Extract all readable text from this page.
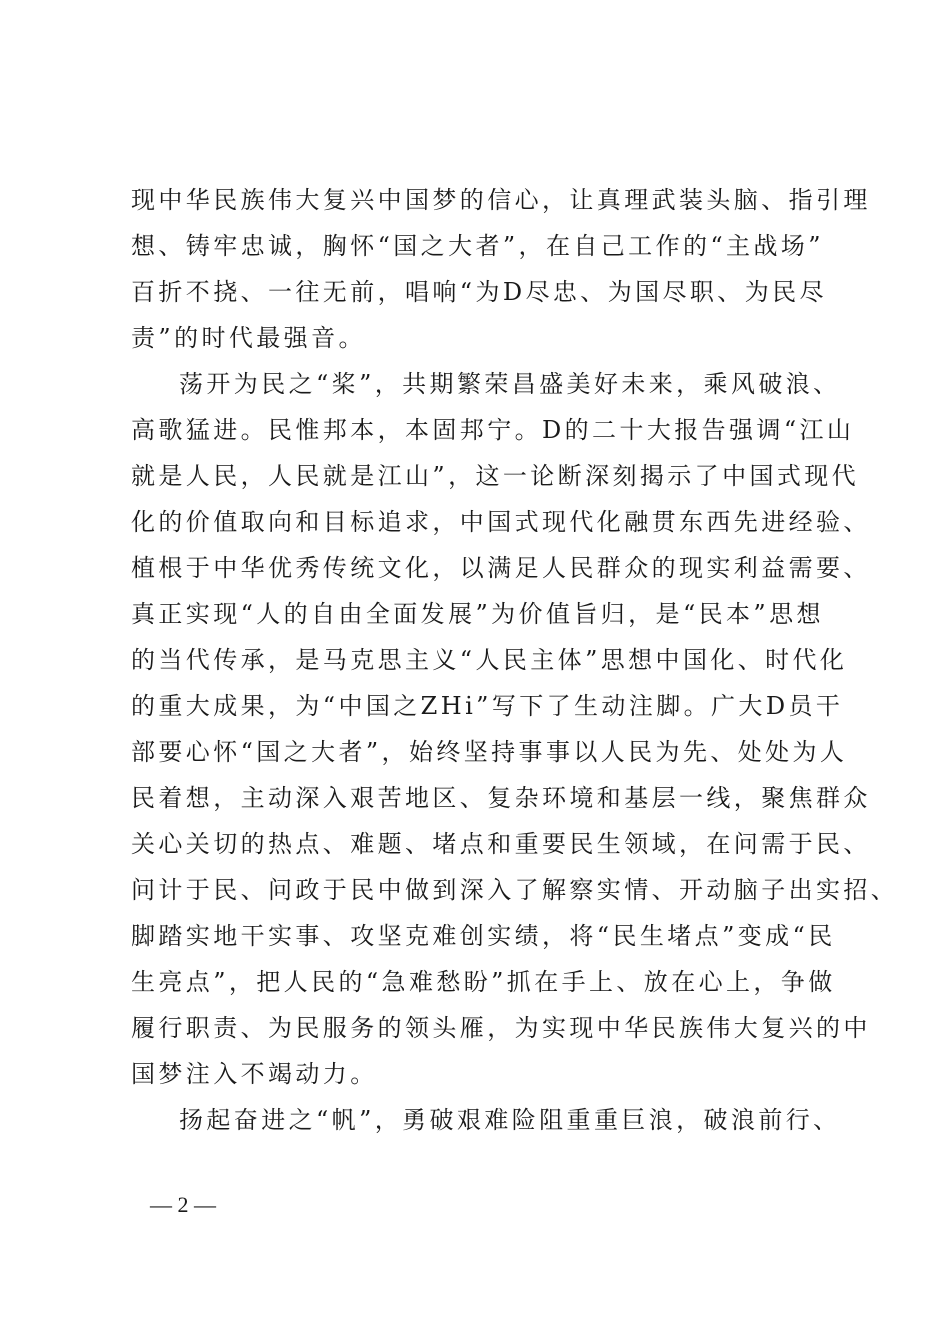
现中华民族伟大复兴中国梦的信心，让真理武装头脑、指引理
想、铸牢忠诚，胸怀“国之大者”，在自己工作的“主战场”
百折不挠、一往无前，唱响“为D尽忠、为国尽职、为民尽
责”的时代最强音。
荡开为民之“桨”，共期繁荣昌盛美好未来，乘风破浪、
高歌猛进。民惟邦本，本固邦宁。D的二十大报告强调“江山
就是人民，人民就是江山”，这一论断深刻揭示了中国式现代
化的价值取向和目标追求，中国式现代化融贯东西先进经验、
植根于中华优秀传统文化，以满足人民群众的现实利益需要、
真正实现“人的自由全面发展”为价值旨归，是“民本”思想
的当代传承，是马克思主义“人民主体”思想中国化、时代化
的重大成果，为“中国之ZHi”写下了生动注脚。广大D员干
部要心怀“国之大者”，始终坚持事事以人民为先、处处为人
民着想，主动深入艰苦地区、复杂环境和基层一线，聚焦群众
关心关切的热点、难题、堵点和重要民生领域，在问需于民、
问计于民、问政于民中做到深入了解察实情、开动脑子出实招、
脚踏实地干实事、攻坚克难创实绩，将“民生堵点”变成“民
生亮点”，把人民的“急难愁盼”抓在手上、放在心上，争做
履行职责、为民服务的领头雁，为实现中华民族伟大复兴的中
国梦注入不竭动力。
扬起奋进之“帆”，勇破艰难险阻重重巨浪，破浪前行、
— 2 —
